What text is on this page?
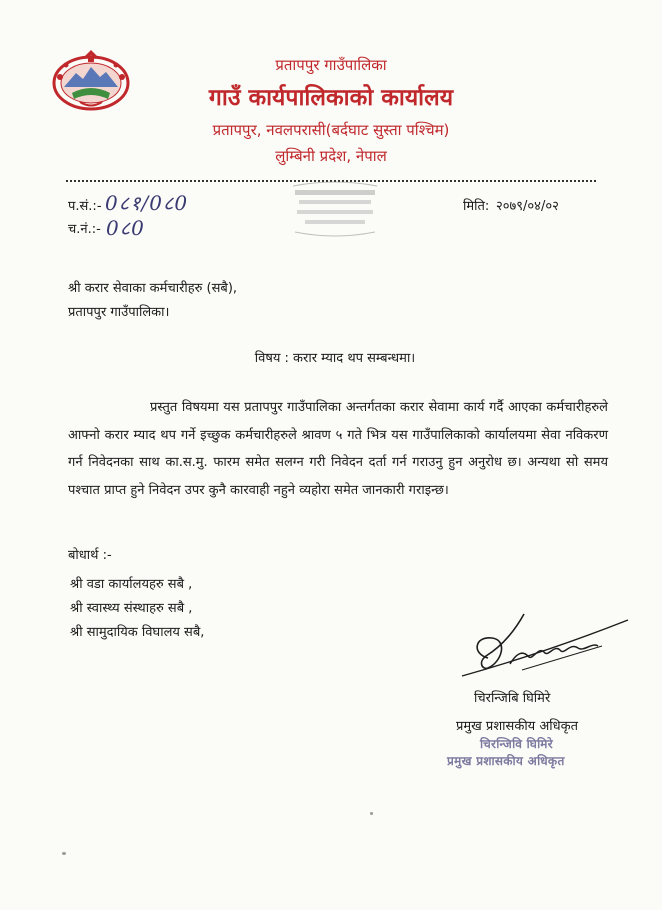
प्रतापपुर गाउँपालिका
गाउँ कार्यपालिकाको कार्यालय
प्रतापपुर, नवलपरासी(बर्दघाट सुस्ता पश्चिम)
लुम्बिनी प्रदेश, नेपाल
प.सं.:- 0८१/0८0
च.नं.:- 0८0
मिति: २०७९/०४/०२
श्री करार सेवाका कर्मचारीहरु (सबै),
प्रतापपुर गाउँपालिका।
विषय : करार म्याद थप सम्बन्धमा।
प्रस्तुत विषयमा यस प्रतापपुर गाउँपालिका अन्तर्गतका करार सेवामा कार्य गर्दै आएका कर्मचारीहरुले आफ्नो करार म्याद थप गर्ने इच्छुक कर्मचारीहरुले श्रावण ५ गते भित्र यस गाउँपालिकाको कार्यालयमा सेवा नविकरण गर्न निवेदनका साथ का.स.मु. फारम समेत सलग्न गरी निवेदन दर्ता गर्न गराउनु हुन अनुरोध छ। अन्यथा सो समय पश्चात प्राप्त हुने निवेदन उपर कुनै कारवाही नहुने व्यहोरा समेत जानकारी गराइन्छ।
बोधार्थ :-
श्री वडा कार्यालयहरु सबै ,
श्री स्वास्थ्य संस्थाहरु सबै ,
श्री सामुदायिक विघालय सबै,
चिरन्जिबि घिमिरे
प्रमुख प्रशासकीय अधिकृत
चिरन्जिवि घिमिरे
प्रमुख प्रशासकीय अधिकृत
